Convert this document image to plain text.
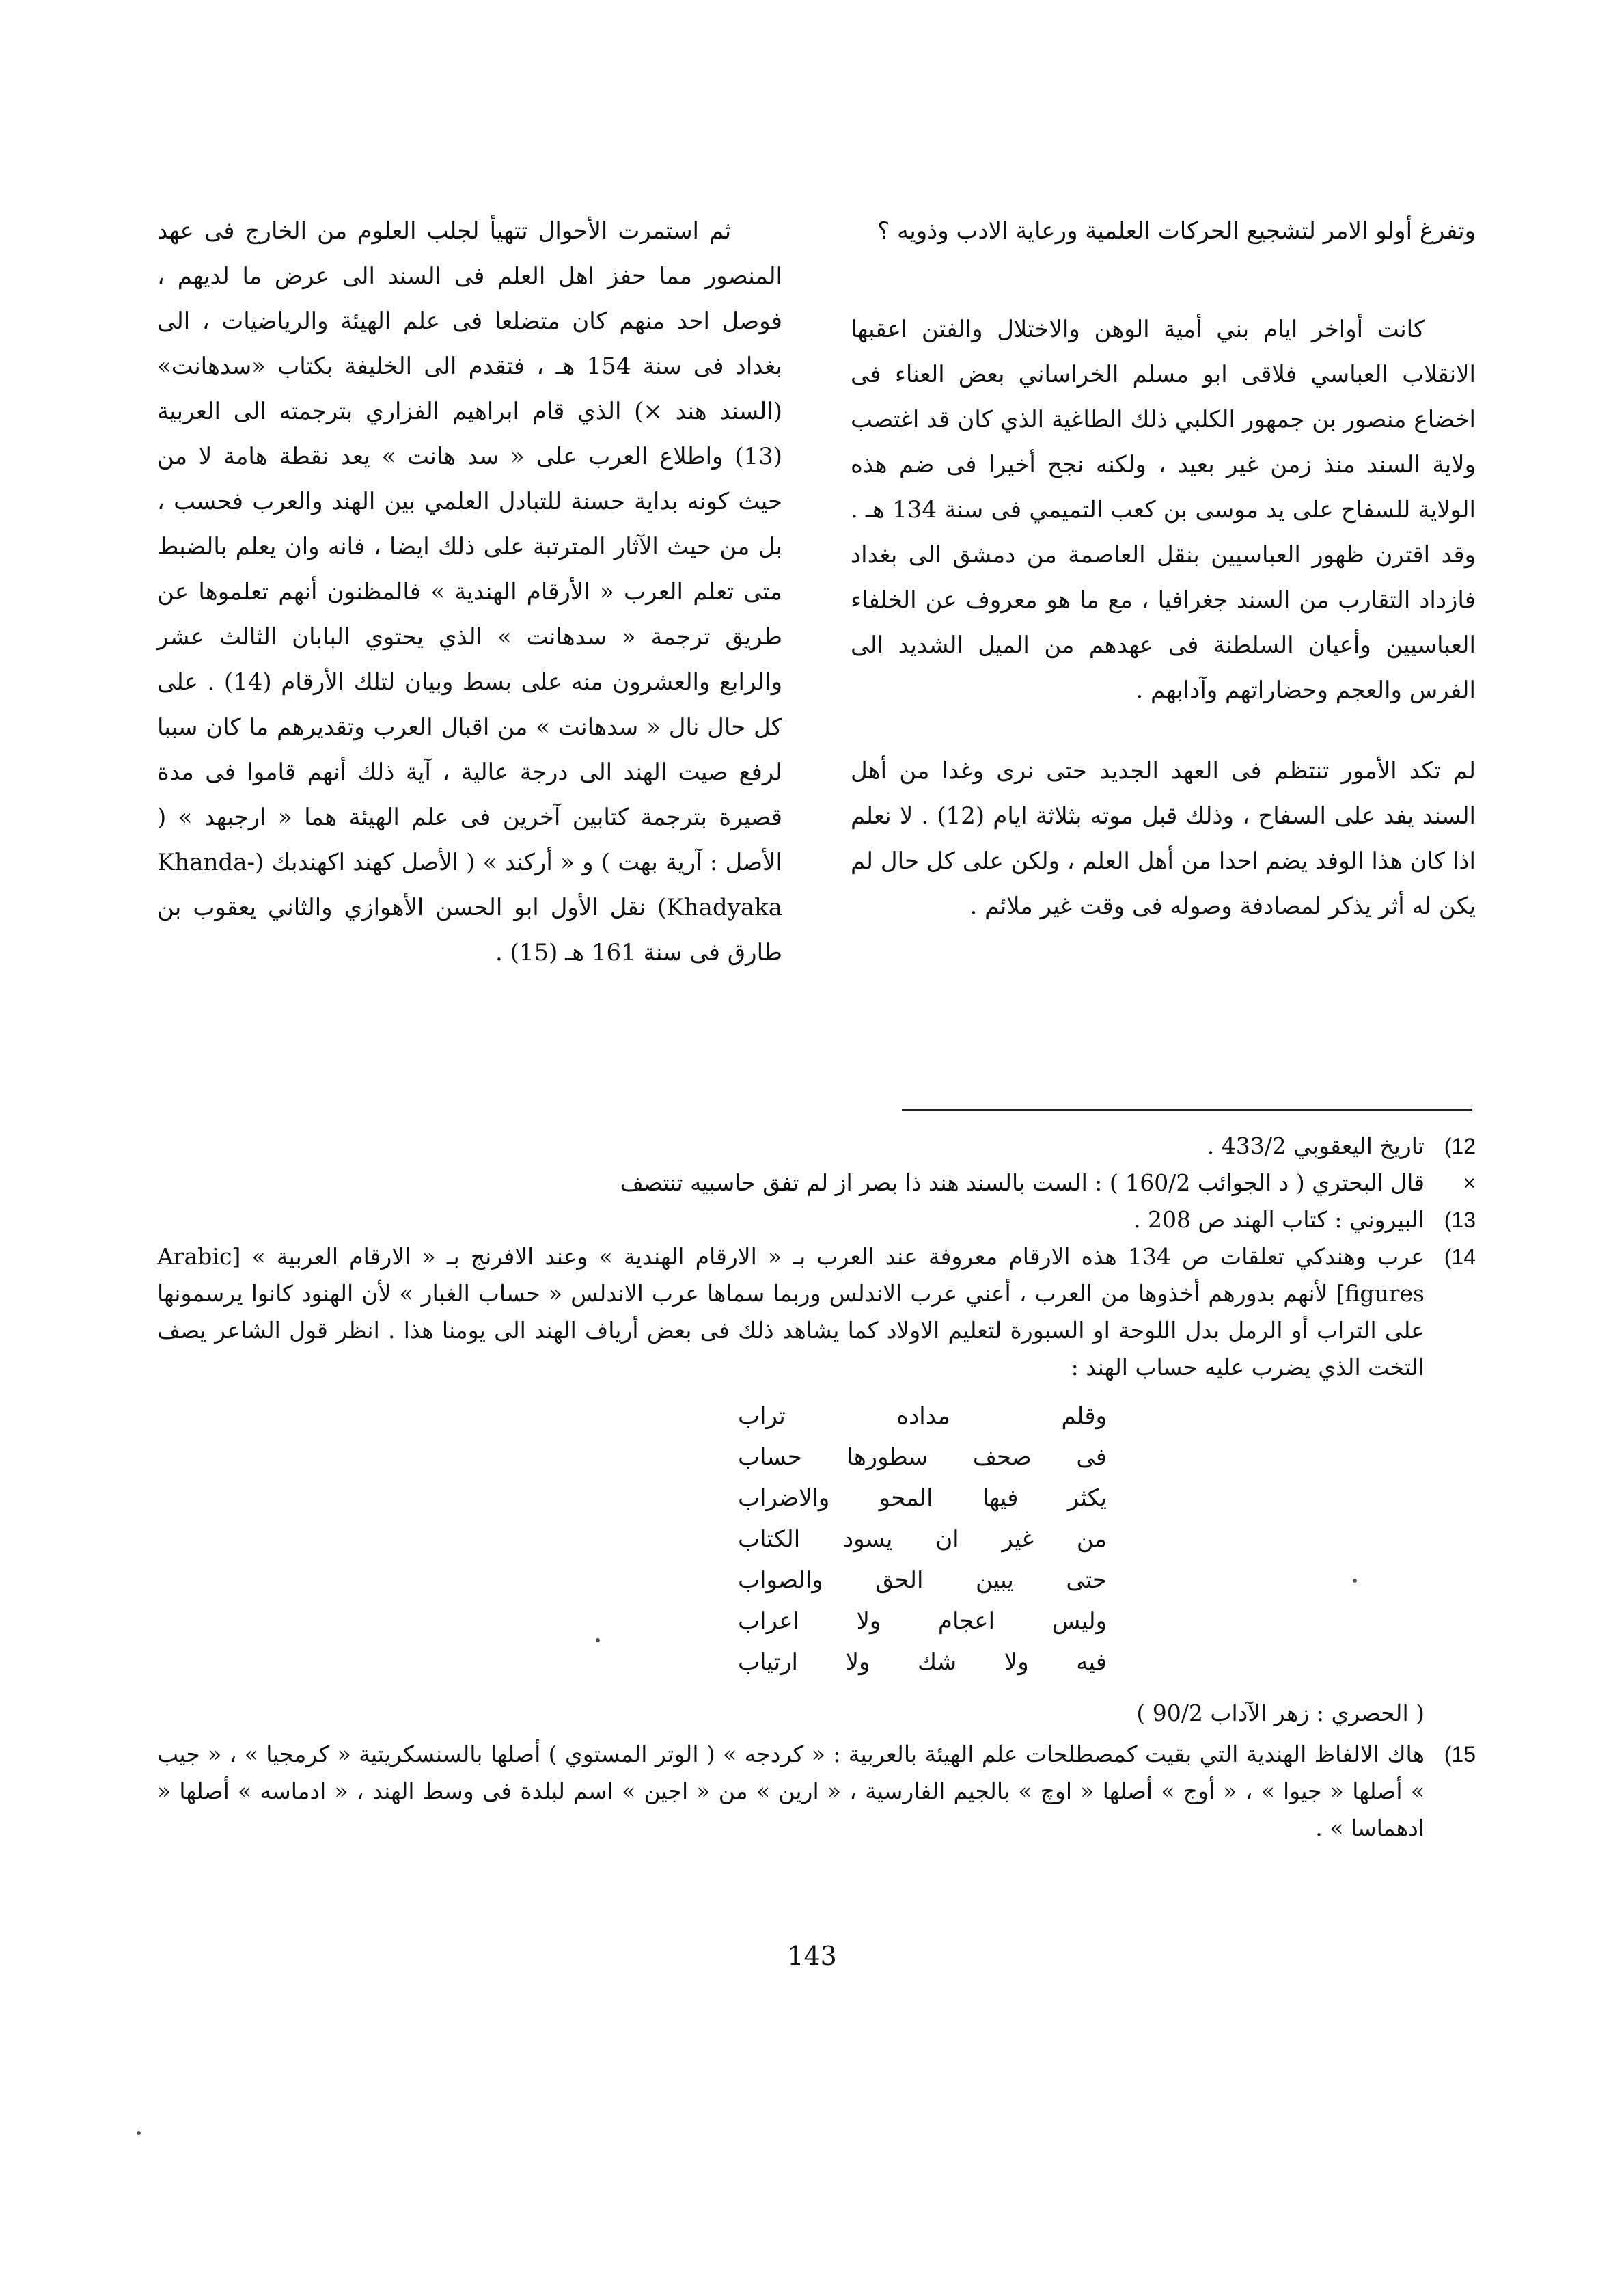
وتفرغ أولو الامر لتشجيع الحركات العلمية ورعاية الادب وذويه ؟

كانت أواخر ايام بني أمية الوهن والاختلال والفتن اعقبها الانقلاب العباسي فلاقى ابو مسلم الخراساني بعض العناء فى اخضاع منصور بن جمهور الكلبي ذلك الطاغية الذي كان قد اغتصب ولاية السند منذ زمن غير بعيد ، ولكنه نجح أخيرا فى ضم هذه الولاية للسفاح على يد موسى بن كعب التميمي فى سنة 134 هـ . وقد اقترن ظهور العباسيين بنقل العاصمة من دمشق الى بغداد فازداد التقارب من السند جغرافيا ، مع ما هو معروف عن الخلفاء العباسيين وأعيان السلطنة فى عهدهم من الميل الشديد الى الفرس والعجم وحضاراتهم وآدابهم .

لم تكد الأمور تنتظم فى العهد الجديد حتى نرى وغدا من أهل السند يفد على السفاح ، وذلك قبل موته بثلاثة ايام (12) . لا نعلم اذا كان هذا الوفد يضم احدا من أهل العلم ، ولكن على كل حال لم يكن له أثر يذكر لمصادفة وصوله فى وقت غير ملائم .

ثم استمرت الأحوال تتهيأ لجلب العلوم من الخارج فى عهد المنصور مما حفز اهل العلم فى السند الى عرض ما لديهم ، فوصل احد منهم كان متضلعا فى علم الهيئة والرياضيات ، الى بغداد فى سنة 154 هـ ، فتقدم الى الخليفة بكتاب «سدهانت» (السند هند ×) الذي قام ابراهيم الفزاري بترجمته الى العربية (13) واطلاع العرب على « سد هانت » يعد نقطة هامة لا من حيث كونه بداية حسنة للتبادل العلمي بين الهند والعرب فحسب ، بل من حيث الآثار المترتبة على ذلك ايضا ، فانه وان يعلم بالضبط متى تعلم العرب « الأرقام الهندية » فالمظنون أنهم تعلموها عن طريق ترجمة « سدهانت » الذي يحتوي البابان الثالث عشر والرابع والعشرون منه على بسط وبيان لتلك الأرقام (14) . على كل حال نال « سدهانت » من اقبال العرب وتقديرهم ما كان سببا لرفع صيت الهند الى درجة عالية ، آية ذلك أنهم قاموا فى مدة قصيرة بترجمة كتابين آخرين فى علم الهيئة هما « ارجبهد » ( الأصل : آرية بهت ) و « أركند » ( الأصل كهند اكهندبك (Khanda-Khadyaka) نقل الأول ابو الحسن الأهوازي والثاني يعقوب بن طارق فى سنة 161 هـ (15) .

12)
تاريخ اليعقوبي 433/2 .
×
قال البحتري ( د الجوائب 160/2 ) : الست بالسند هند ذا بصر از لم تفق حاسبيه تنتصف
13)
البيروني : كتاب الهند ص 208 .
14)
عرب وهندكي تعلقات ص 134 هذه الارقام معروفة عند العرب بـ « الارقام الهندية » وعند الافرنج بـ « الارقام العربية » [Arabic figures] لأنهم بدورهم أخذوها من العرب ، أعني عرب الاندلس وربما سماها عرب الاندلس « حساب الغبار » لأن الهنود كانوا يرسمونها على التراب أو الرمل بدل اللوحة او السبورة لتعليم الاولاد كما يشاهد ذلك فى بعض أرياف الهند الى يومنا هذا . انظر قول الشاعر يصف التخت الذي يضرب عليه حساب الهند :
وقلم مداده تراب
فى صحف سطورها حساب
يكثر فيها المحو والاضراب
من غير ان يسود الكتاب
حتى يبين الحق والصواب
وليس اعجام ولا اعراب
فيه ولا شك ولا ارتياب
( الحصري : زهر الآداب 90/2 )
15)
هاك الالفاظ الهندية التي بقيت كمصطلحات علم الهيئة بالعربية : « كردجه » ( الوتر المستوي ) أصلها بالسنسكريتية « كرمجيا » ، « جيب » أصلها « جيوا » ، « أوج » أصلها « اوچ » بالجيم الفارسية ، « ارين » من « اجين » اسم لبلدة فى وسط الهند ، « ادماسه » أصلها « ادهماسا » .
143
